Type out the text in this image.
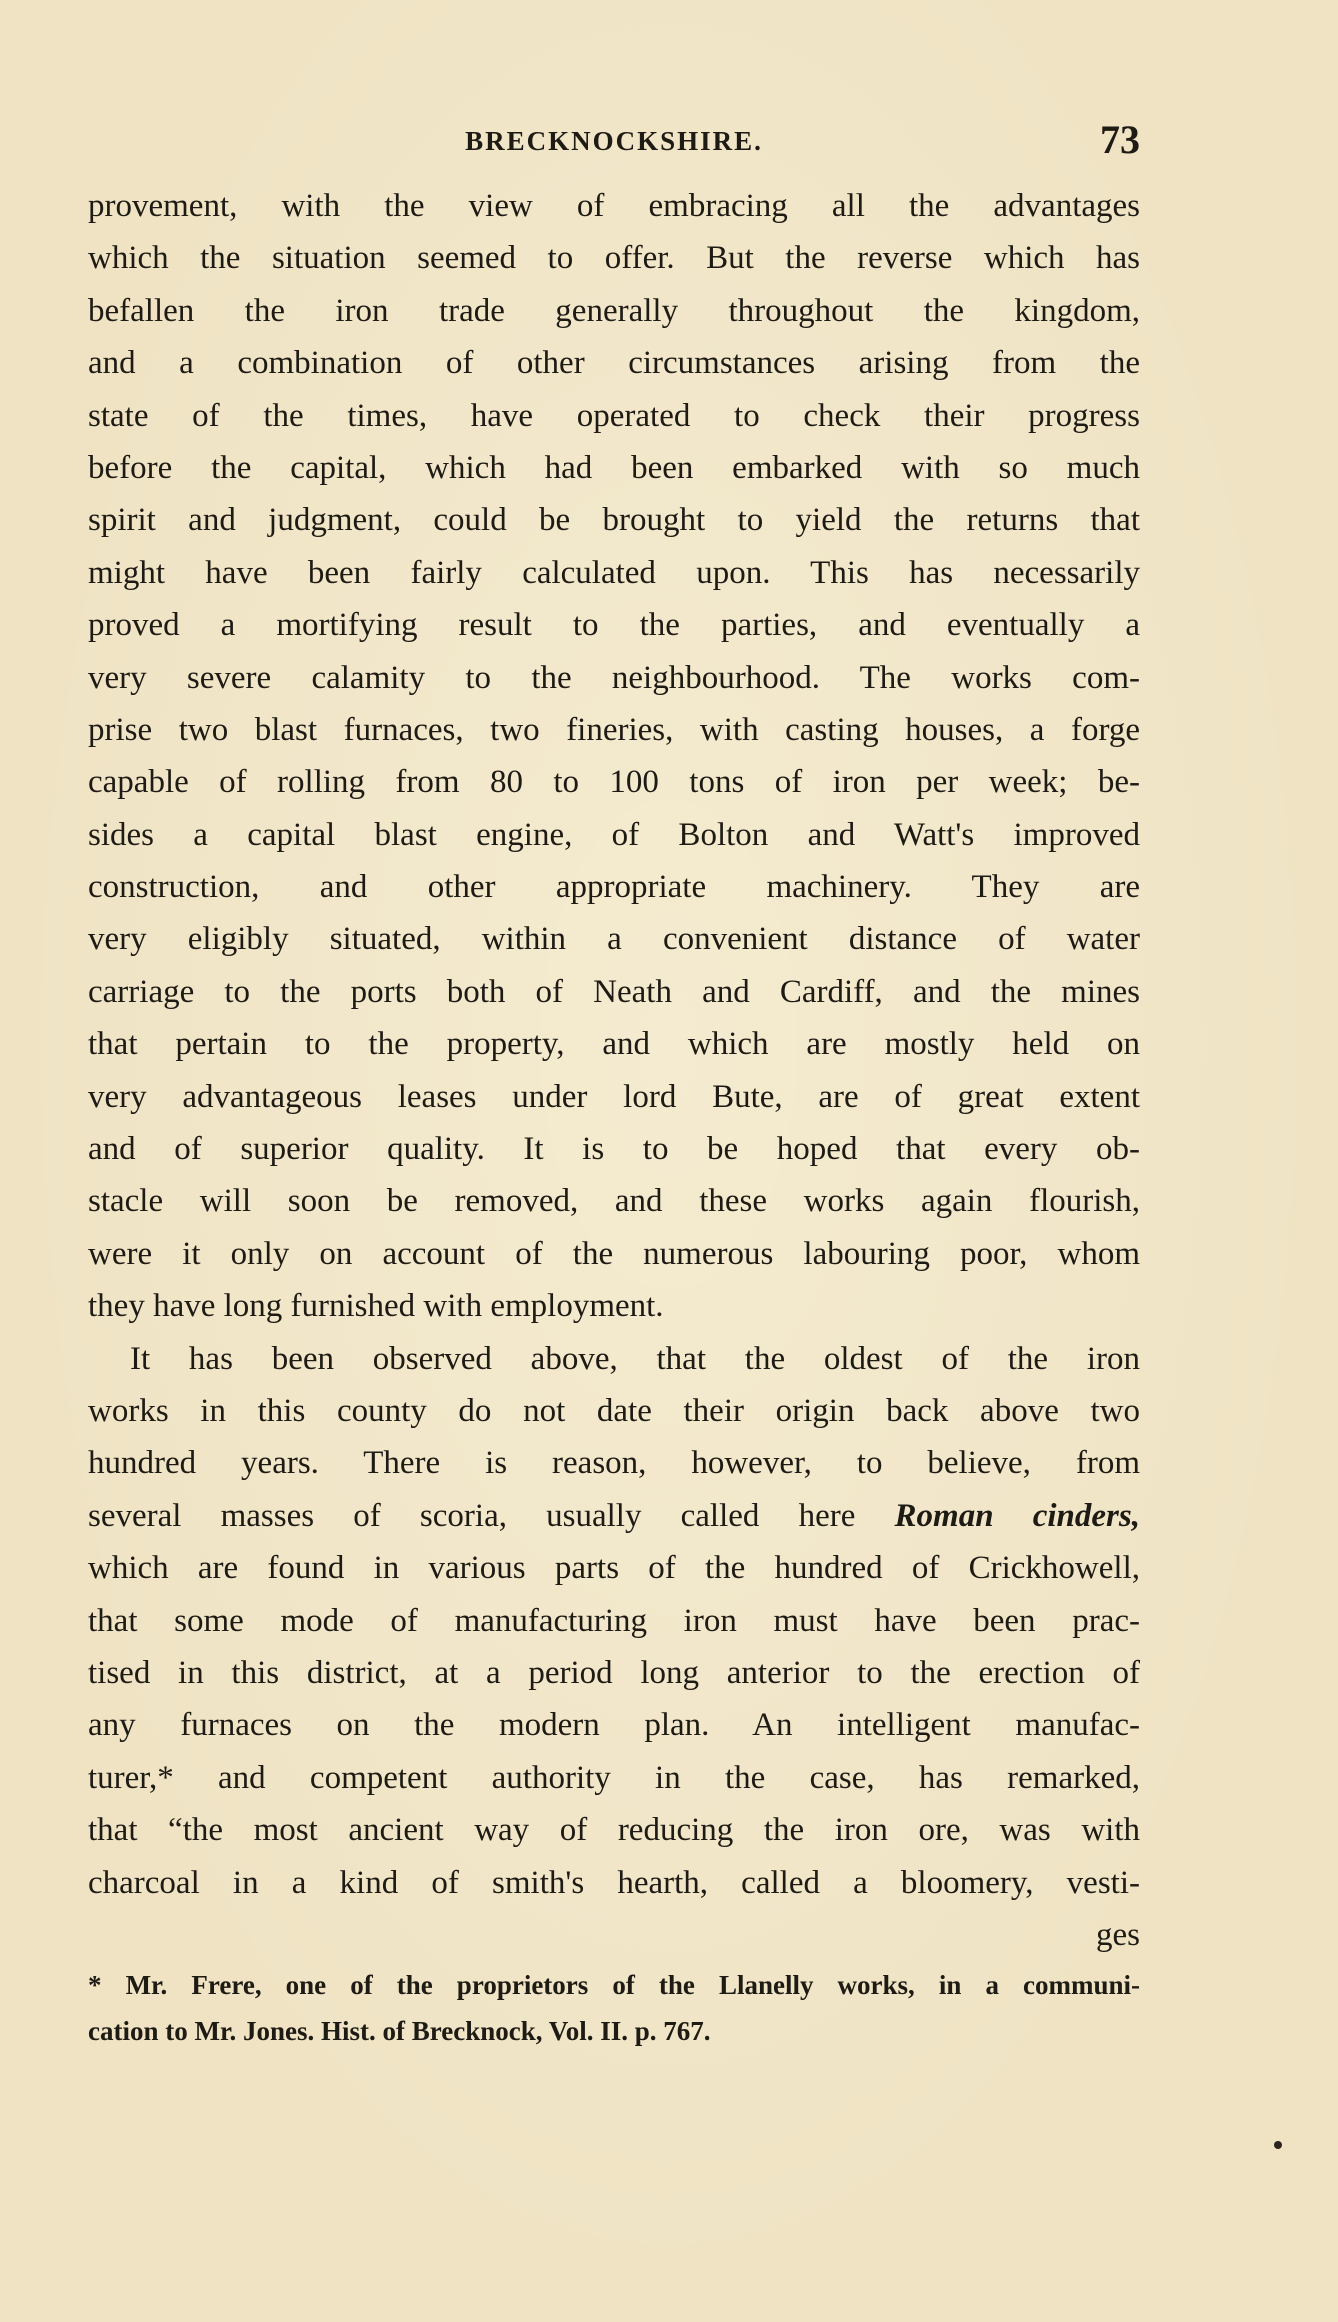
BRECKNOCKSHIRE.	73
provement, with the view of embracing all the advantages
which the situation seemed to offer. But the reverse which has
befallen the iron trade generally throughout the kingdom,
and a combination of other circumstances arising from the
state of the times, have operated to check their progress
before the capital, which had been embarked with so much
spirit and judgment, could be brought to yield the returns that
might have been fairly calculated upon. This has necessarily
proved a mortifying result to the parties, and eventually a
very severe calamity to the neighbourhood. The works com-
prise two blast furnaces, two fineries, with casting houses, a forge
capable of rolling from 80 to 100 tons of iron per week; be-
sides a capital blast engine, of Bolton and Watt's improved
construction, and other appropriate machinery. They are
very eligibly situated, within a convenient distance of water
carriage to the ports both of Neath and Cardiff, and the mines
that pertain to the property, and which are mostly held on
very advantageous leases under lord Bute, are of great extent
and of superior quality. It is to be hoped that every ob-
stacle will soon be removed, and these works again flourish,
were it only on account of the numerous labouring poor, whom
they have long furnished with employment.
It has been observed above, that the oldest of the iron
works in this county do not date their origin back above two
hundred years. There is reason, however, to believe, from
several masses of scoria, usually called here Roman cinders,
which are found in various parts of the hundred of Crickhowell,
that some mode of manufacturing iron must have been prac-
tised in this district, at a period long anterior to the erection of
any furnaces on the modern plan. An intelligent manufac-
turer,* and competent authority in the case, has remarked,
that “the most ancient way of reducing the iron ore, was with
charcoal in a kind of smith's hearth, called a bloomery, vesti-
ges
* Mr. Frere, one of the proprietors of the Llanelly works, in a communi-
cation to Mr. Jones. Hist. of Brecknock, Vol. II. p. 767.
